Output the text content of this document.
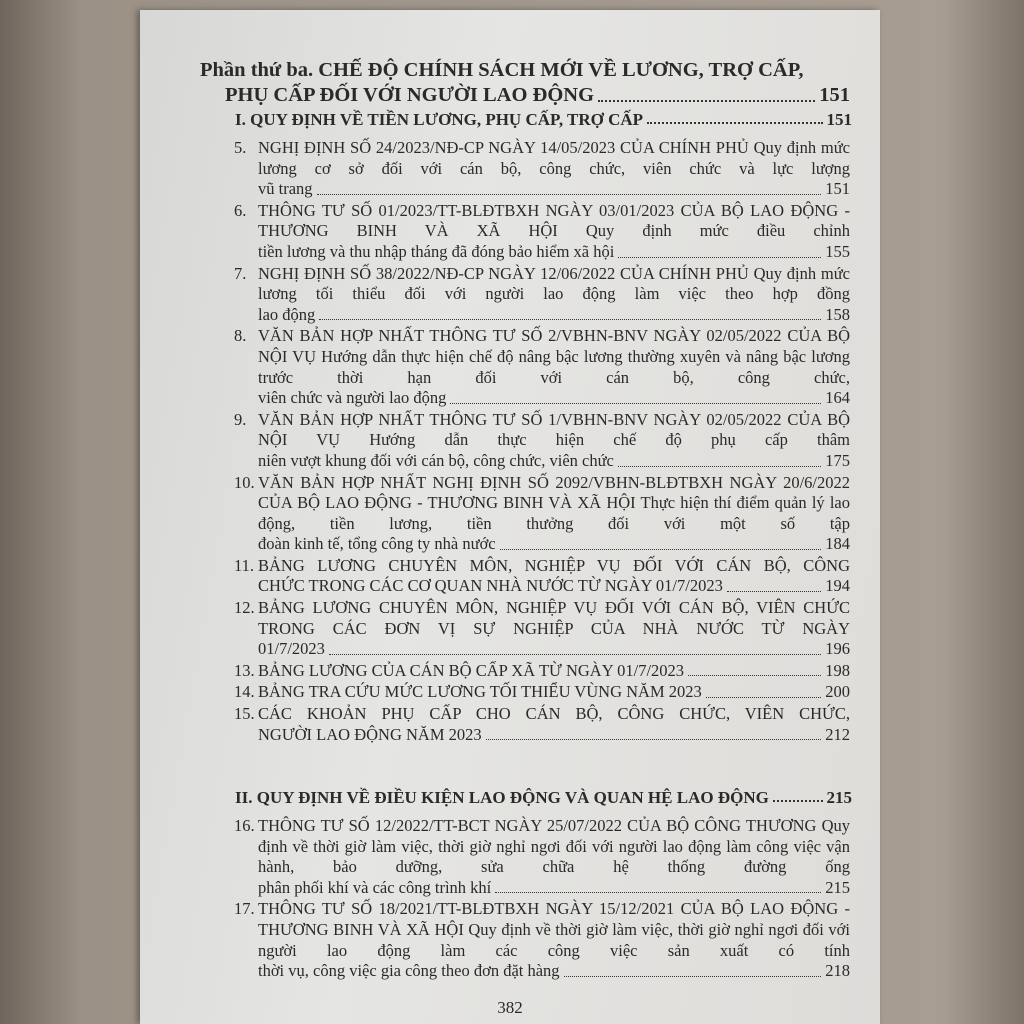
Phần thứ ba. CHẾ ĐỘ CHÍNH SÁCH MỚI VỀ LƯƠNG, TRỢ CẤP,
PHỤ CẤP ĐỐI VỚI NGƯỜI LAO ĐỘNG	151
I. QUY ĐỊNH VỀ TIỀN LƯƠNG, PHỤ CẤP, TRỢ CẤP	151
5. NGHỊ ĐỊNH SỐ 24/2023/NĐ-CP NGÀY 14/05/2023 CỦA CHÍNH PHỦ Quy định mức lương cơ sở đối với cán bộ, công chức, viên chức và lực lượng
vũ trang	151
6. THÔNG TƯ SỐ 01/2023/TT-BLĐTBXH NGÀY 03/01/2023 CỦA BỘ LAO ĐỘNG - THƯƠNG BINH VÀ XÃ HỘI Quy định mức điều chỉnh
tiền lương và thu nhập tháng đã đóng bảo hiểm xã hội	155
7. NGHỊ ĐỊNH SỐ 38/2022/NĐ-CP NGÀY 12/06/2022 CỦA CHÍNH PHỦ Quy định mức lương tối thiểu đối với người lao động làm việc theo hợp đồng
lao động	158
8. VĂN BẢN HỢP NHẤT THÔNG TƯ SỐ 2/VBHN-BNV NGÀY 02/05/2022 CỦA BỘ NỘI VỤ Hướng dẫn thực hiện chế độ nâng bậc lương thường xuyên và nâng bậc lương trước thời hạn đối với cán bộ, công chức,
viên chức và người lao động	164
9. VĂN BẢN HỢP NHẤT THÔNG TƯ SỐ 1/VBHN-BNV NGÀY 02/05/2022 CỦA BỘ NỘI VỤ Hướng dẫn thực hiện chế độ phụ cấp thâm
niên vượt khung đối với cán bộ, công chức, viên chức	175
10. VĂN BẢN HỢP NHẤT NGHỊ ĐỊNH SỐ 2092/VBHN-BLĐTBXH NGÀY 20/6/2022 CỦA BỘ LAO ĐỘNG - THƯƠNG BINH VÀ XÃ HỘI Thực hiện thí điểm quản lý lao động, tiền lương, tiền thưởng đối với một số tập
đoàn kinh tế, tổng công ty nhà nước	184
11. BẢNG LƯƠNG CHUYÊN MÔN, NGHIỆP VỤ ĐỐI VỚI CÁN BỘ, CÔNG
CHỨC TRONG CÁC CƠ QUAN NHÀ NƯỚC TỪ NGÀY 01/7/2023	194
12. BẢNG LƯƠNG CHUYÊN MÔN, NGHIỆP VỤ ĐỐI VỚI CÁN BỘ, VIÊN CHỨC TRONG CÁC ĐƠN VỊ SỰ NGHIỆP CỦA NHÀ NƯỚC TỪ NGÀY
01/7/2023	196
13. BẢNG LƯƠNG CỦA CÁN BỘ CẤP XÃ TỪ NGÀY 01/7/2023	198
14. BẢNG TRA CỨU MỨC LƯƠNG TỐI THIỂU VÙNG NĂM 2023	200
15. CÁC KHOẢN PHỤ CẤP CHO CÁN BỘ, CÔNG CHỨC, VIÊN CHỨC,
NGƯỜI LAO ĐỘNG NĂM 2023	212
II. QUY ĐỊNH VỀ ĐIỀU KIỆN LAO ĐỘNG VÀ QUAN HỆ LAO ĐỘNG	215
16. THÔNG TƯ SỐ 12/2022/TT-BCT NGÀY 25/07/2022 CỦA BỘ CÔNG THƯƠNG Quy định về thời giờ làm việc, thời giờ nghỉ ngơi đối với người lao động làm công việc vận hành, bảo dưỡng, sửa chữa hệ thống đường ống
phân phối khí và các công trình khí	215
17. THÔNG TƯ SỐ 18/2021/TT-BLĐTBXH NGÀY 15/12/2021 CỦA BỘ LAO ĐỘNG - THƯƠNG BINH VÀ XÃ HỘI Quy định về thời giờ làm việc, thời giờ nghỉ ngơi đối với người lao động làm các công việc sản xuất có tính
thời vụ, công việc gia công theo đơn đặt hàng	218
382
